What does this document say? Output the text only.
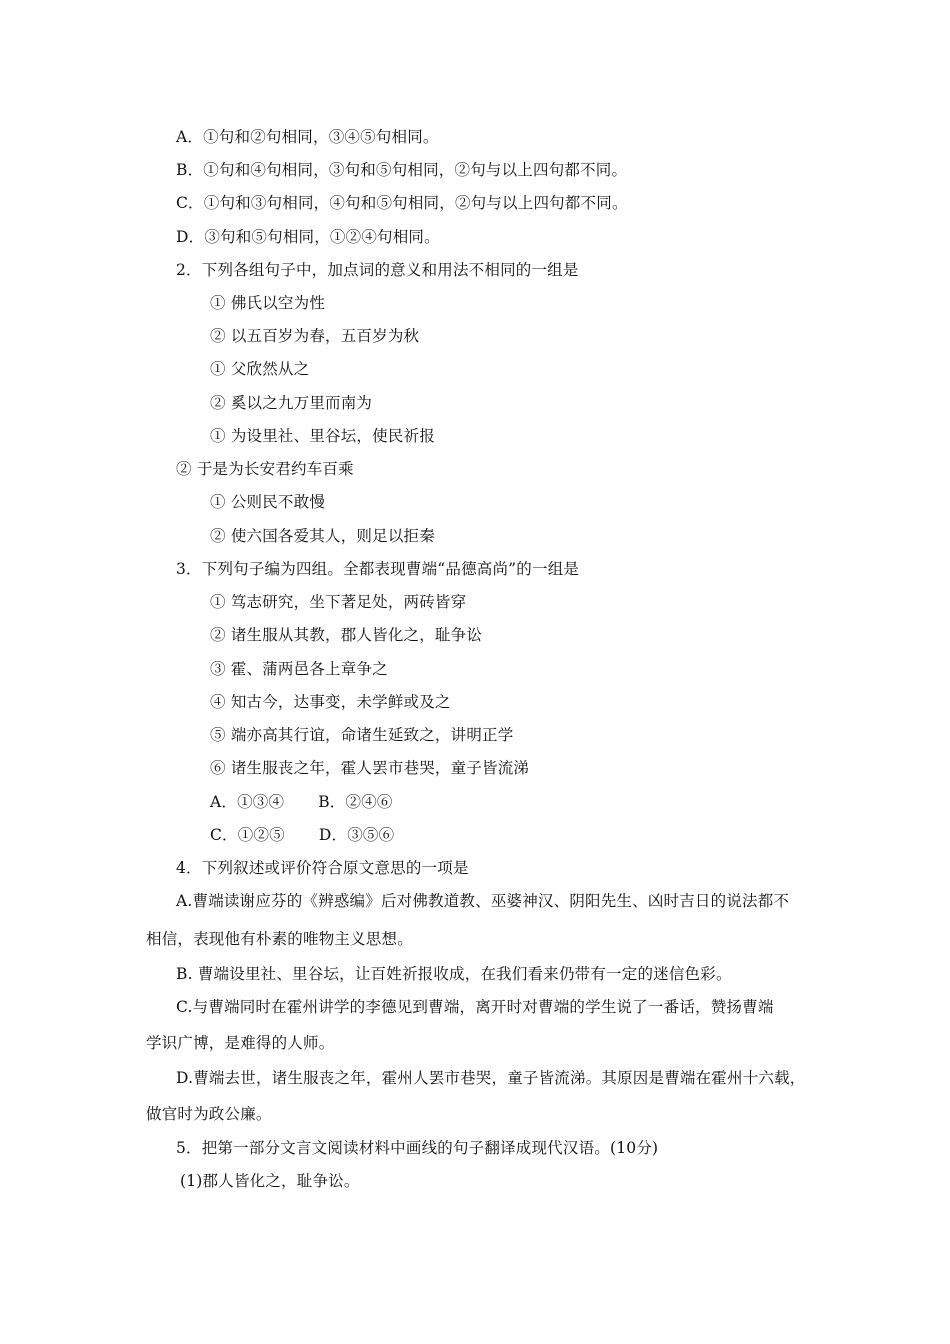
A．①句和②句相同，③④⑤句相同。
B．①句和④句相同，③句和⑤句相同，②句与以上四句都不同。
C．①句和③句相同，④句和⑤句相同，②句与以上四句都不同。
D．③句和⑤句相同，①②④句相同。
2．下列各组句子中，加点词的意义和用法不相同的一组是
① 佛氏以空为性
② 以五百岁为春，五百岁为秋
① 父欣然从之
② 奚以之九万里而南为
① 为设里社、里谷坛，使民祈报
② 于是为长安君约车百乘
① 公则民不敢慢
② 使六国各爱其人，则足以拒秦
3．下列句子编为四组。全都表现曹端“品德高尚”的一组是
① 笃志研究，坐下著足处，两砖皆穿
② 诸生服从其教，郡人皆化之，耻争讼
③ 霍、蒲两邑各上章争之
④ 知古今，达事变，未学鲜或及之
⑤ 端亦高其行谊，命诸生延致之，讲明正学
⑥ 诸生服丧之年，霍人罢市巷哭，童子皆流涕
A．①③④ B．②④⑥
C．①②⑤ D．③⑤⑥
4．下列叙述或评价符合原文意思的一项是
A.曹端读谢应芬的《辨惑编》后对佛教道教、巫婆神汉、阴阳先生、凶时吉日的说法都不
相信，表现他有朴素的唯物主义思想。
B. 曹端设里社、里谷坛，让百姓祈报收成，在我们看来仍带有一定的迷信色彩。
C.与曹端同时在霍州讲学的李德见到曹端，离开时对曹端的学生说了一番话，赞扬曹端
学识广博，是难得的人师。
D.曹端去世，诸生服丧之年，霍州人罢市巷哭，童子皆流涕。其原因是曹端在霍州十六载，
做官时为政公廉。
5．把第一部分文言文阅读材料中画线的句子翻译成现代汉语。(10分)
(1)郡人皆化之，耻争讼。
